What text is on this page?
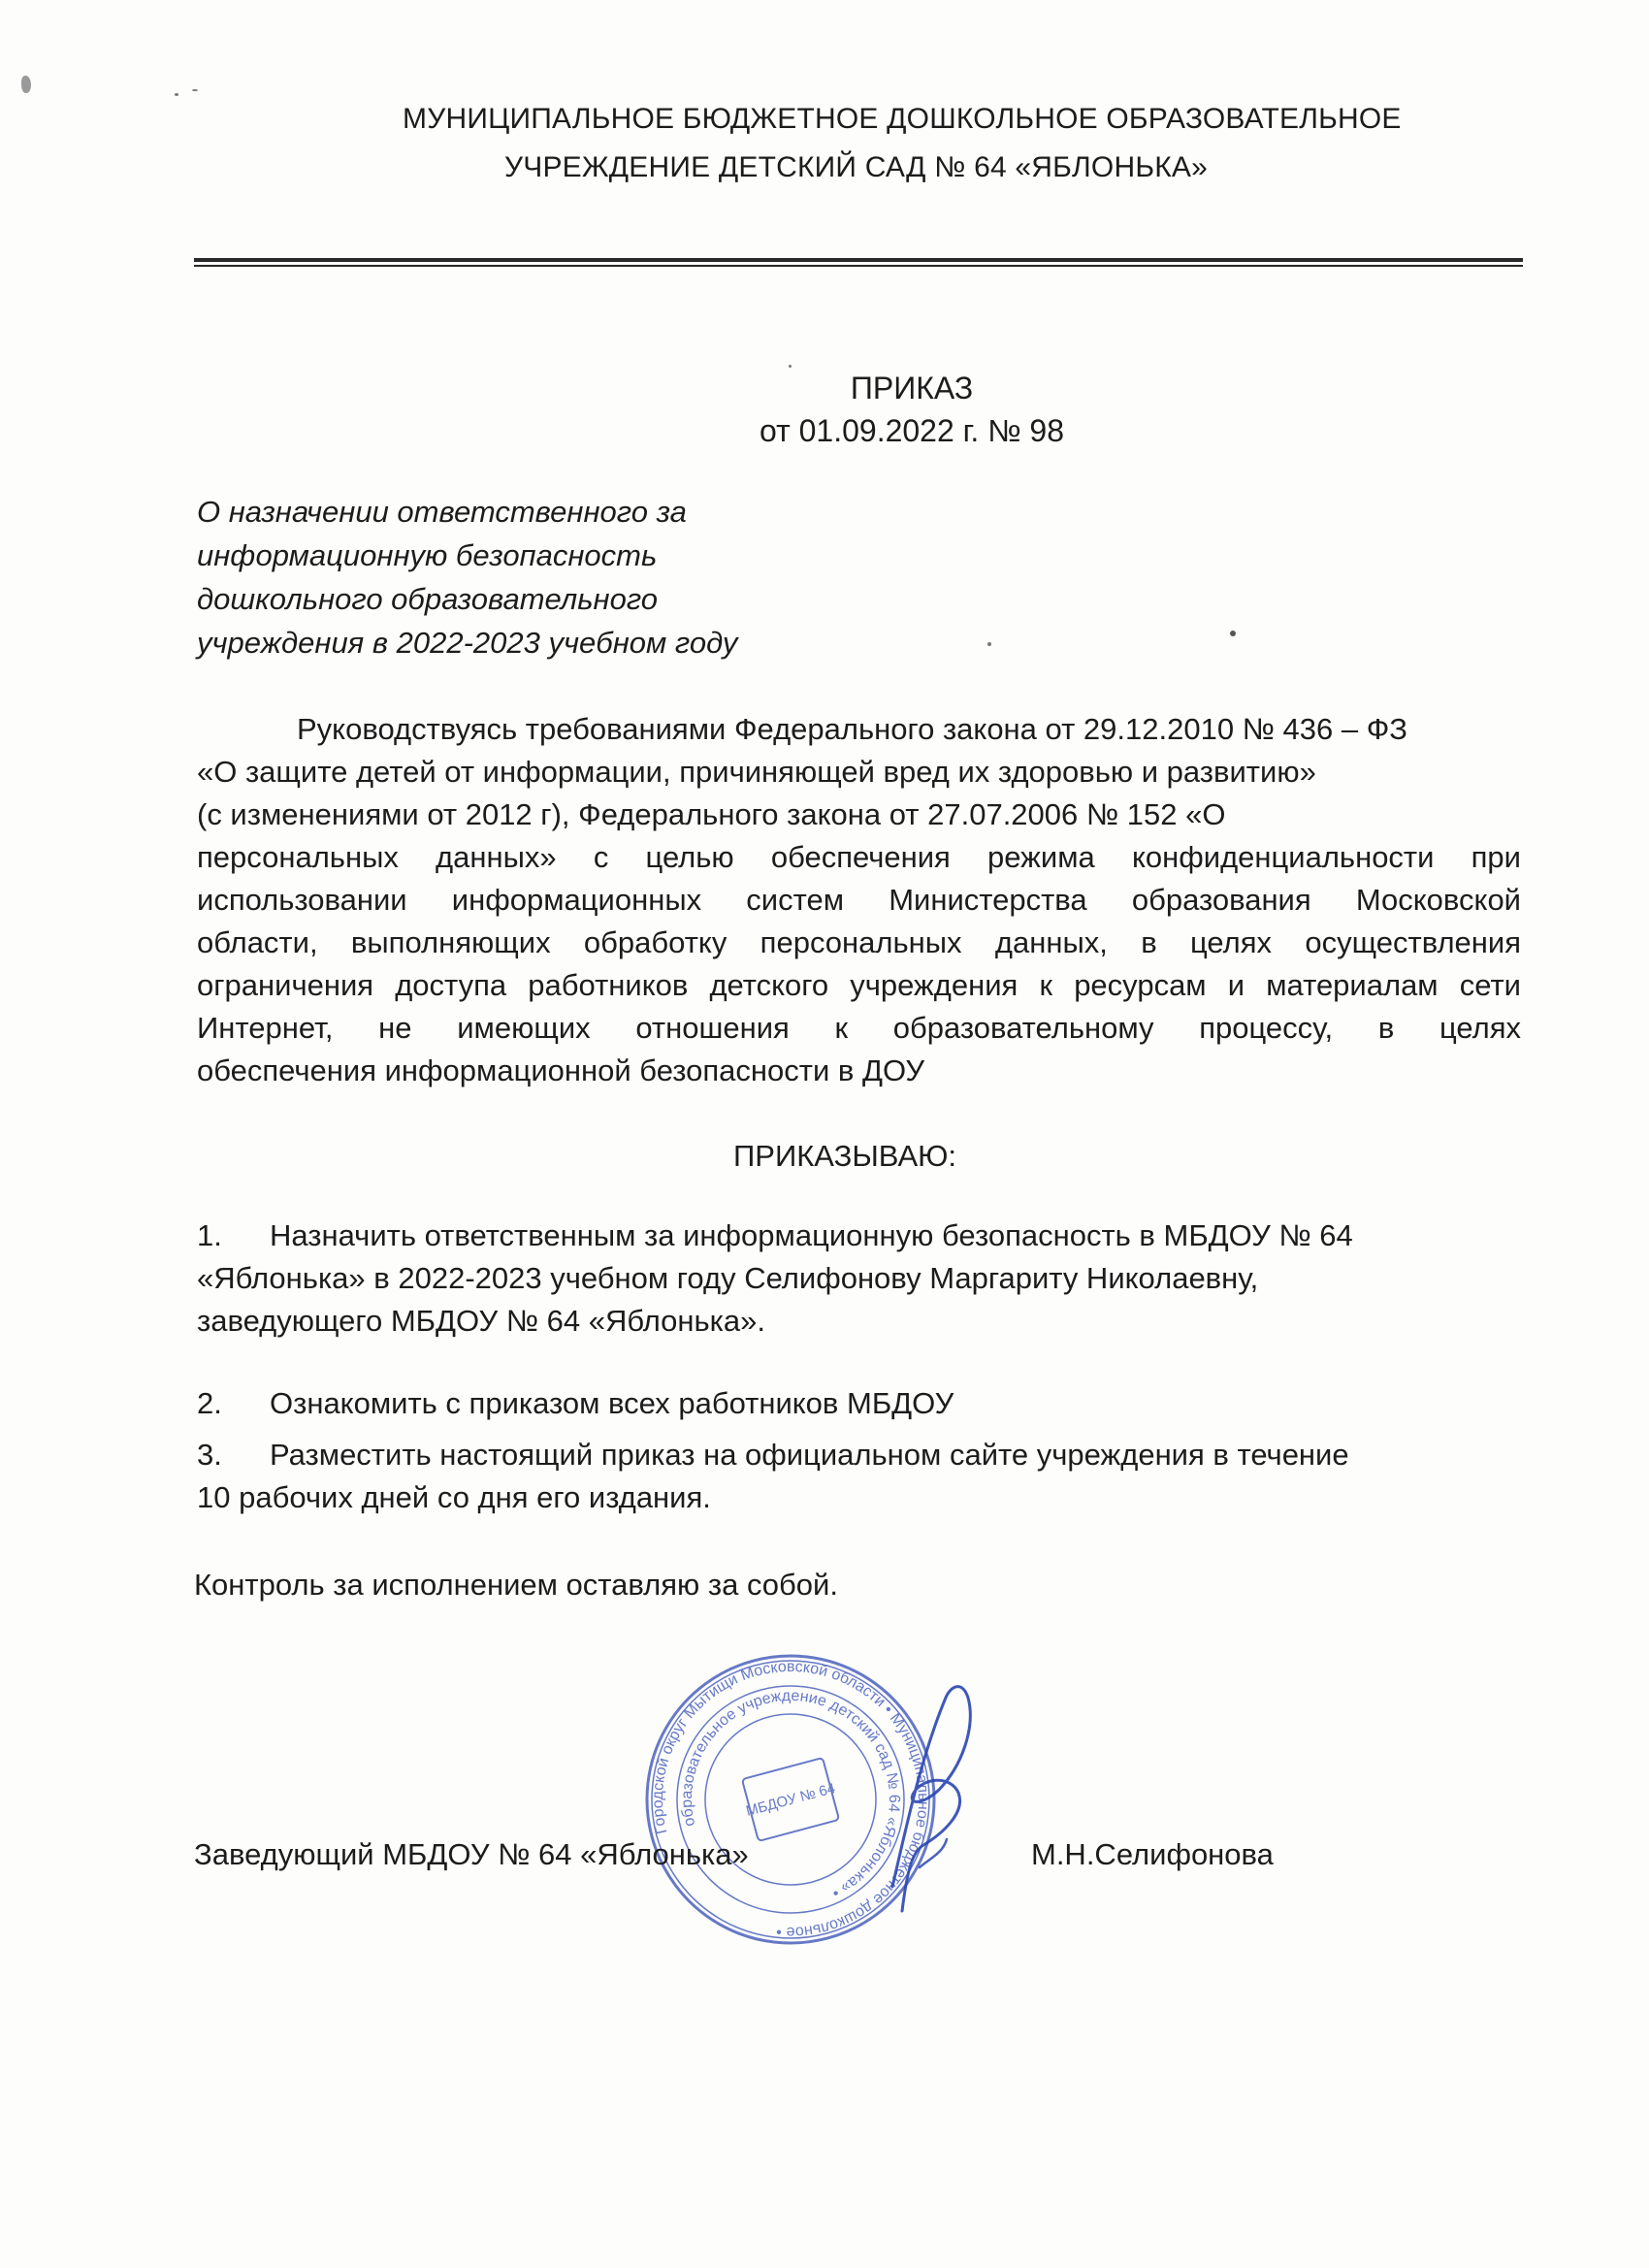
МУНИЦИПАЛЬНОЕ БЮДЖЕТНОЕ ДОШКОЛЬНОЕ ОБРАЗОВАТЕЛЬНОЕ
УЧРЕЖДЕНИЕ ДЕТСКИЙ САД № 64 «ЯБЛОНЬКА»
ПРИКАЗ
от 01.09.2022 г. № 98
О назначении ответственного за
информационную безопасность
дошкольного образовательного
учреждения в 2022-2023 учебном году
Руководствуясь требованиями Федерального закона от 29.12.2010 № 436 – ФЗ
«О защите детей от информации, причиняющей вред их здоровью и развитию»
(с изменениями от 2012 г), Федерального закона от 27.07.2006 № 152 «О
персональных данных» с целью обеспечения режима конфиденциальности при
использовании информационных систем Министерства образования Московской
области, выполняющих обработку персональных данных, в целях осуществления
ограничения доступа работников детского учреждения к ресурсам и материалам сети
Интернет, не имеющих отношения к образовательному процессу, в целях
обеспечения информационной безопасности в ДОУ
ПРИКАЗЫВАЮ:
1. Назначить ответственным за информационную безопасность в МБДОУ № 64
«Яблонька» в 2022-2023 учебном году Селифонову Маргариту Николаевну,
заведующего МБДОУ № 64 «Яблонька».
2. Ознакомить с приказом всех работников МБДОУ
3. Разместить настоящий приказ на официальном сайте учреждения в течение
10 рабочих дней со дня его издания.
Контроль за исполнением оставляю за собой.
Городской округ Мытищи Московской области • Муниципальное бюджетное дошкольное •
образовательное учреждение детский сад № 64 «Яблонька» •
МБДОУ № 64
Заведующий МБДОУ № 64 «Яблонька»	М.Н.Селифонова
